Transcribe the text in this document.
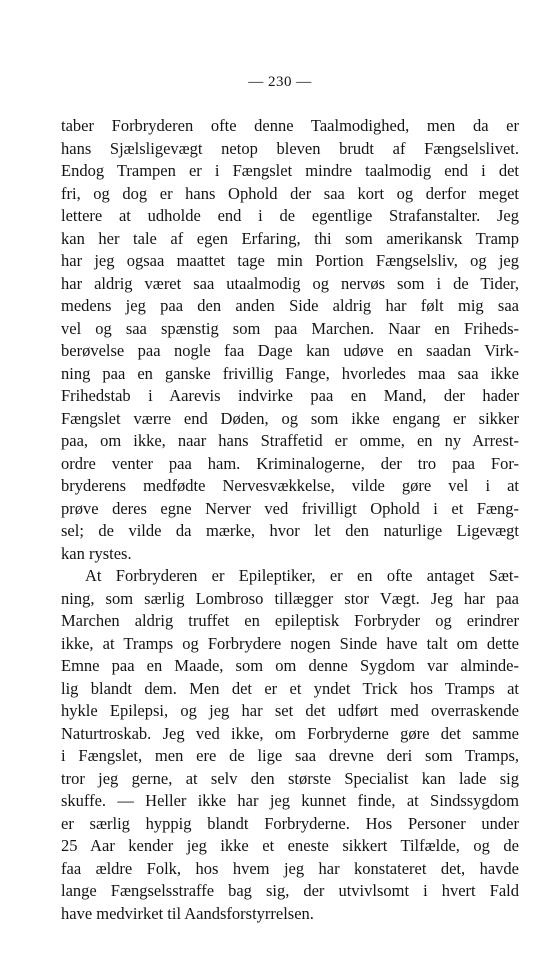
— 230 —
taber Forbryderen ofte denne Taalmodighed, men da er
hans Sjælsligevægt netop bleven brudt af Fængselslivet.
Endog Trampen er i Fængslet mindre taalmodig end i det
fri, og dog er hans Ophold der saa kort og derfor meget
lettere at udholde end i de egentlige Strafanstalter. Jeg
kan her tale af egen Erfaring, thi som amerikansk Tramp
har jeg ogsaa maattet tage min Portion Fængselsliv, og jeg
har aldrig været saa utaalmodig og nervøs som i de Tider,
medens jeg paa den anden Side aldrig har følt mig saa
vel og saa spænstig som paa Marchen. Naar en Friheds-
berøvelse paa nogle faa Dage kan udøve en saadan Virk-
ning paa en ganske frivillig Fange, hvorledes maa saa ikke
Frihedstab i Aarevis indvirke paa en Mand, der hader
Fængslet værre end Døden, og som ikke engang er sikker
paa, om ikke, naar hans Straffetid er omme, en ny Arrest-
ordre venter paa ham. Kriminalogerne, der tro paa For-
bryderens medfødte Nervesvækkelse, vilde gøre vel i at
prøve deres egne Nerver ved frivilligt Ophold i et Fæng-
sel; de vilde da mærke, hvor let den naturlige Ligevægt
kan rystes.
At Forbryderen er Epileptiker, er en ofte antaget Sæt-
ning, som særlig Lombroso tillægger stor Vægt. Jeg har paa
Marchen aldrig truffet en epileptisk Forbryder og erindrer
ikke, at Tramps og Forbrydere nogen Sinde have talt om dette
Emne paa en Maade, som om denne Sygdom var alminde-
lig blandt dem. Men det er et yndet Trick hos Tramps at
hykle Epilepsi, og jeg har set det udført med overraskende
Naturtroskab. Jeg ved ikke, om Forbryderne gøre det samme
i Fængslet, men ere de lige saa drevne deri som Tramps,
tror jeg gerne, at selv den største Specialist kan lade sig
skuffe. — Heller ikke har jeg kunnet finde, at Sindssygdom
er særlig hyppig blandt Forbryderne. Hos Personer under
25 Aar kender jeg ikke et eneste sikkert Tilfælde, og de
faa ældre Folk, hos hvem jeg har konstateret det, havde
lange Fængselsstraffe bag sig, der utvivlsomt i hvert Fald
have medvirket til Aandsforstyrrelsen.
